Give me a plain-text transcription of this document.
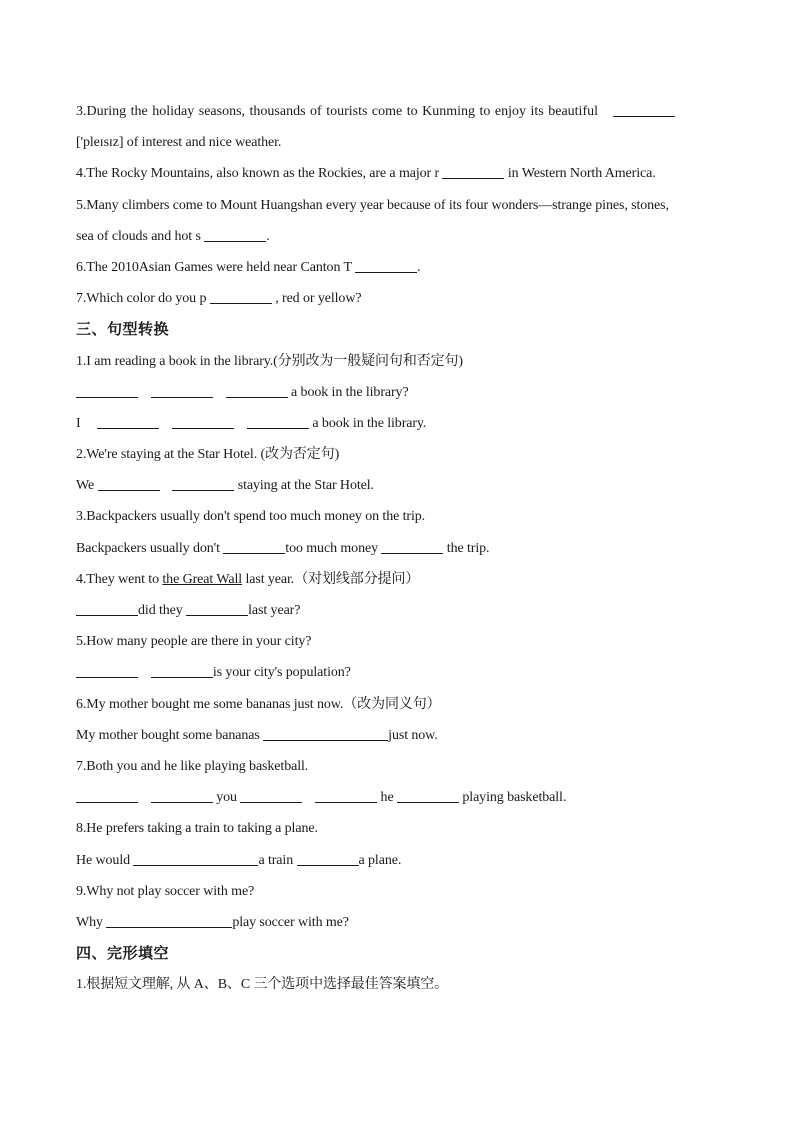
3.During the holiday seasons, thousands of tourists come to Kunming to enjoy its beautiful
['pleɪsɪz] of interest and nice weather.
4.The Rocky Mountains, also known as the Rockies, are a major r	in Western North America.
5.Many climbers come to Mount Huangshan every year because of its four wonders—strange pines, stones,
sea of clouds and hot s	.
6.The 2010Asian Games were held near Canton T	.
7.Which color do you p	, red or yellow?
三、句型转换
1.I am reading a book in the library.(分别改为一般疑问句和否定句)
a book in the library?
I	a book in the library.
2.We're staying at the Star Hotel. (改为否定句)
We	staying at the Star Hotel.
3.Backpackers usually don't spend too much money on the trip.
Backpackers usually don't	too much money	the trip.
4.They went to the Great Wall last year.（对划线部分提问）
did they	last year?
5.How many people are there in your city?
is your city's population?
6.My mother bought me some bananas just now.（改为同义句）
My mother bought some bananas	just now.
7.Both you and he like playing basketball.
you	he	playing basketball.
8.He prefers taking a train to taking a plane.
He would	a train	a plane.
9.Why not play soccer with me?
Why	play soccer with me?
四、完形填空
1.根据短文理解, 从 A、B、C 三个选项中选择最佳答案填空。
